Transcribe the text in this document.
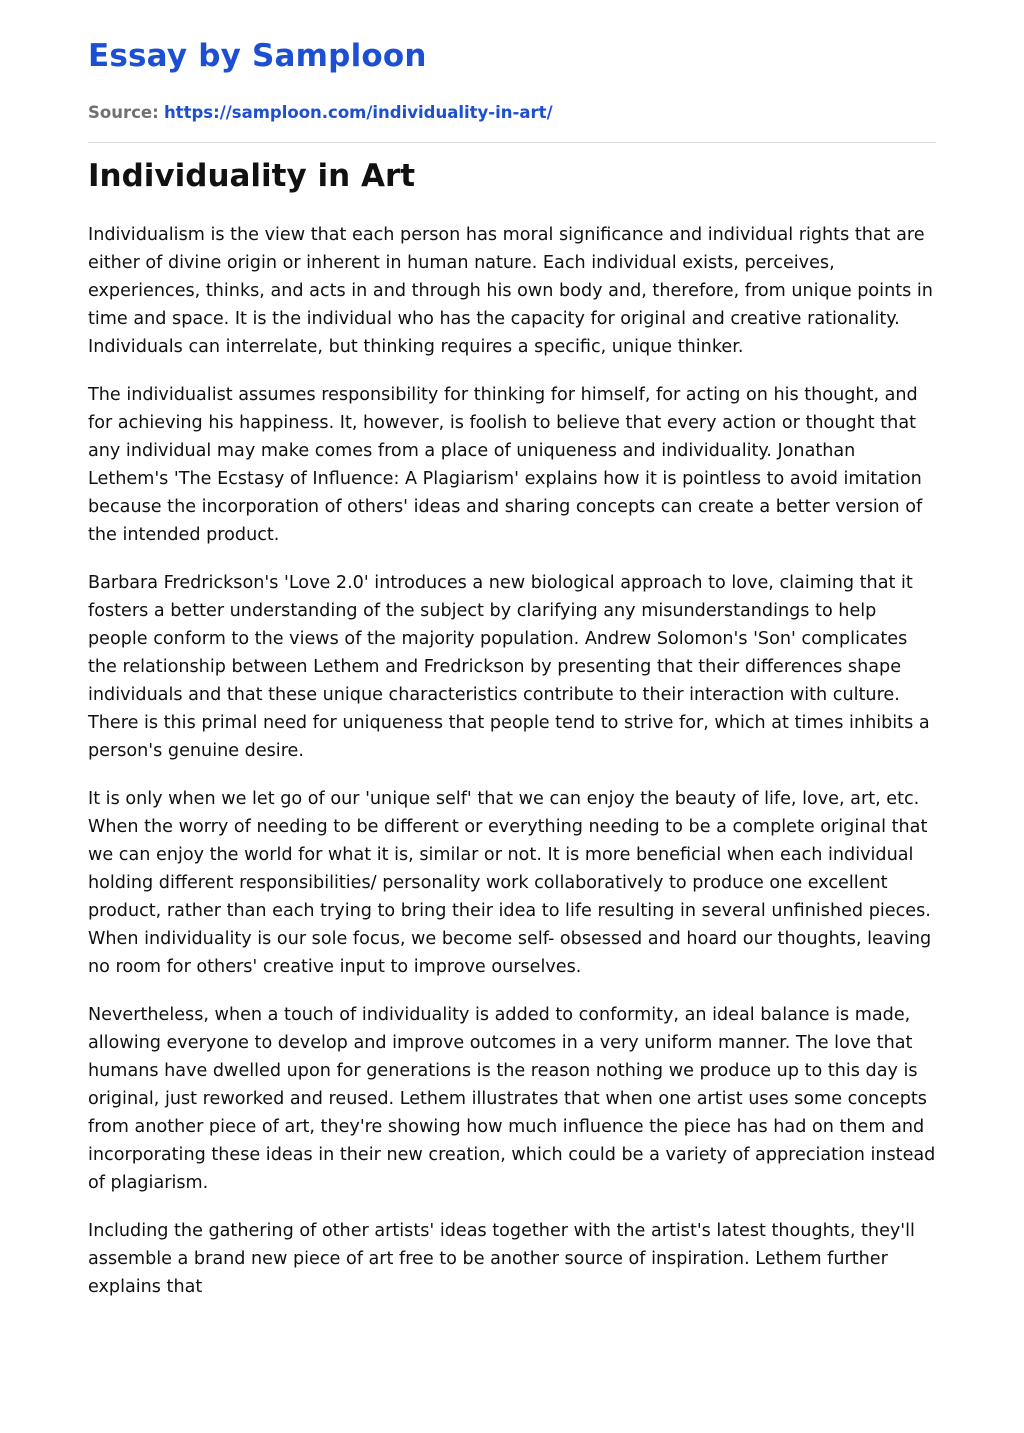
Essay by Samploon
Source: https://samploon.com/individuality-in-art/
Individuality in Art

Individualism is the view that each person has moral significance and individual rights that are either of divine origin or inherent in human nature. Each individual exists, perceives, experiences, thinks, and acts in and through his own body and, therefore, from unique points in time and space. It is the individual who has the capacity for original and creative rationality. Individuals can interrelate, but thinking requires a specific, unique thinker.

The individualist assumes responsibility for thinking for himself, for acting on his thought, and for achieving his happiness. It, however, is foolish to believe that every action or thought that any individual may make comes from a place of uniqueness and individuality. Jonathan Lethem's 'The Ecstasy of Influence: A Plagiarism' explains how it is pointless to avoid imitation because the incorporation of others' ideas and sharing concepts can create a better version of the intended product.

Barbara Fredrickson's 'Love 2.0' introduces a new biological approach to love, claiming that it fosters a better understanding of the subject by clarifying any misunderstandings to help people conform to the views of the majority population. Andrew Solomon's 'Son' complicates the relationship between Lethem and Fredrickson by presenting that their differences shape individuals and that these unique characteristics contribute to their interaction with culture. There is this primal need for uniqueness that people tend to strive for, which at times inhibits a person's genuine desire.

It is only when we let go of our 'unique self' that we can enjoy the beauty of life, love, art, etc. When the worry of needing to be different or everything needing to be a complete original that we can enjoy the world for what it is, similar or not. It is more beneficial when each individual holding different responsibilities/ personality work collaboratively to produce one excellent product, rather than each trying to bring their idea to life resulting in several unfinished pieces. When individuality is our sole focus, we become self- obsessed and hoard our thoughts, leaving no room for others' creative input to improve ourselves.

Nevertheless, when a touch of individuality is added to conformity, an ideal balance is made, allowing everyone to develop and improve outcomes in a very uniform manner. The love that humans have dwelled upon for generations is the reason nothing we produce up to this day is original, just reworked and reused. Lethem illustrates that when one artist uses some concepts from another piece of art, they're showing how much influence the piece has had on them and incorporating these ideas in their new creation, which could be a variety of appreciation instead of plagiarism.

Including the gathering of other artists' ideas together with the artist's latest thoughts, they'll assemble a brand new piece of art free to be another source of inspiration. Lethem further explains that
